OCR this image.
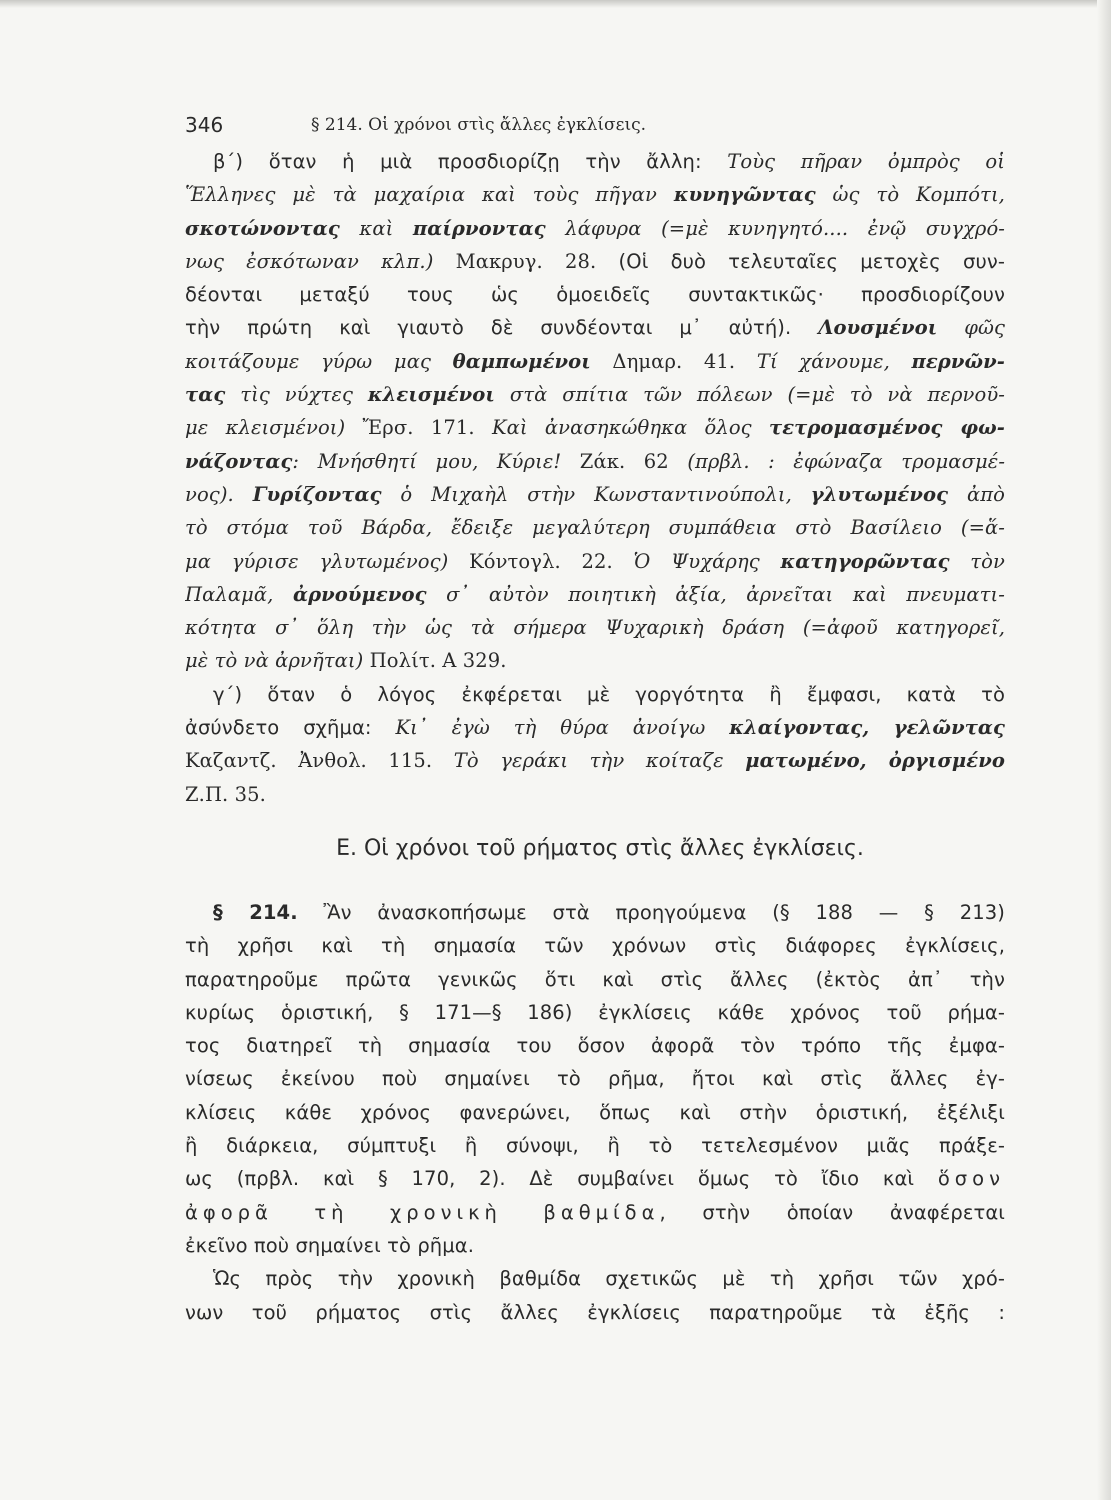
346	§ 214. Οἱ χρόνοι στὶς ἄλλες ἐγκλίσεις.
β΄) ὅταν ἡ μιὰ προσδιορίζῃ τὴν ἄλλη: Τοὺς πῆραν ὀμπρὸς οἱ
Ἕλληνες μὲ τὰ μαχαίρια καὶ τοὺς πῆγαν κυνηγῶντας ὡς τὸ Κομπότι,
σκοτώνοντας καὶ παίρνοντας λάφυρα (=μὲ κυνηγητό.... ἐνῷ συγχρό-
νως ἐσκότωναν κλπ.) Μακρυγ. 28. (Οἱ δυὸ τελευταῖες μετοχὲς συν-
δέονται μεταξύ τους ὡς ὁμοειδεῖς συντακτικῶς· προσδιορίζουν
τὴν πρώτη καὶ γιαυτὸ δὲ συνδέονται μ᾽ αὐτή). Λουσμένοι φῶς
κοιτάζουμε γύρω μας θαμπωμένοι Δημαρ. 41. Τί χάνουμε, περνῶν-
τας τὶς νύχτες κλεισμένοι στὰ σπίτια τῶν πόλεων (=μὲ τὸ νὰ περνοῦ-
με κλεισμένοι) Ἔρσ. 171. Καὶ ἀνασηκώθηκα ὅλος τετρομασμένος φω-
νάζοντας: Μνήσθητί μου, Κύριε! Ζάκ. 62 (πρβλ. : ἐφώναζα τρομασμέ-
νος). Γυρίζοντας ὁ Μιχαὴλ στὴν Κωνσταντινούπολι, γλυτωμένος ἀπὸ
τὸ στόμα τοῦ Βάρδα, ἔδειξε μεγαλύτερη συμπάθεια στὸ Βασίλειο (=ἅ-
μα γύρισε γλυτωμένος) Κόντογλ. 22. Ὁ Ψυχάρης κατηγορῶντας τὸν
Παλαμᾶ, ἀρνούμενος σ᾽ αὐτὸν ποιητικὴ ἀξία, ἀρνεῖται καὶ πνευματι-
κότητα σ᾽ ὅλη τὴν ὡς τὰ σήμερα Ψυχαρικὴ δράση (=ἀφοῦ κατηγορεῖ,
μὲ τὸ νὰ ἀρνῆται) Πολίτ. Α 329.
γ΄) ὅταν ὁ λόγος ἐκφέρεται μὲ γοργότητα ἢ ἔμφασι, κατὰ τὸ
ἀσύνδετο σχῆμα: Κι᾽ ἐγὼ τὴ θύρα ἀνοίγω κλαίγοντας, γελῶντας
Καζαντζ. Ἀνθολ. 115. Τὸ γεράκι τὴν κοίταζε ματωμένο, ὀργισμένο
Ζ.Π. 35.
Ε. Οἱ χρόνοι τοῦ ρήματος στὶς ἄλλες ἐγκλίσεις.
§ 214. Ἂν ἀνασκοπήσωμε στὰ προηγούμενα (§ 188 — § 213)
τὴ χρῆσι καὶ τὴ σημασία τῶν χρόνων στὶς διάφορες ἐγκλίσεις,
παρατηροῦμε πρῶτα γενικῶς ὅτι καὶ στὶς ἄλλες (ἐκτὸς ἀπ᾽ τὴν
κυρίως ὁριστική, § 171—§ 186) ἐγκλίσεις κάθε χρόνος τοῦ ρήμα-
τος διατηρεῖ τὴ σημασία του ὅσον ἀφορᾶ τὸν τρόπο τῆς ἐμφα-
νίσεως ἐκείνου ποὺ σημαίνει τὸ ρῆμα, ἤτοι καὶ στὶς ἄλλες ἐγ-
κλίσεις κάθε χρόνος φανερώνει, ὅπως καὶ στὴν ὁριστική, ἐξέλιξι
ἢ διάρκεια, σύμπτυξι ἢ σύνοψι, ἢ τὸ τετελεσμένον μιᾶς πράξε-
ως (πρβλ. καὶ § 170, 2). Δὲ συμβαίνει ὅμως τὸ ἴδιο καὶ ὅσον
ἀφορᾶ τὴ χρονικὴ βαθμίδα, στὴν ὁποίαν ἀναφέρεται
ἐκεῖνο ποὺ σημαίνει τὸ ρῆμα.
Ὡς πρὸς τὴν χρονικὴ βαθμίδα σχετικῶς μὲ τὴ χρῆσι τῶν χρό-
νων τοῦ ρήματος στὶς ἄλλες ἐγκλίσεις παρατηροῦμε τὰ ἑξῆς :
